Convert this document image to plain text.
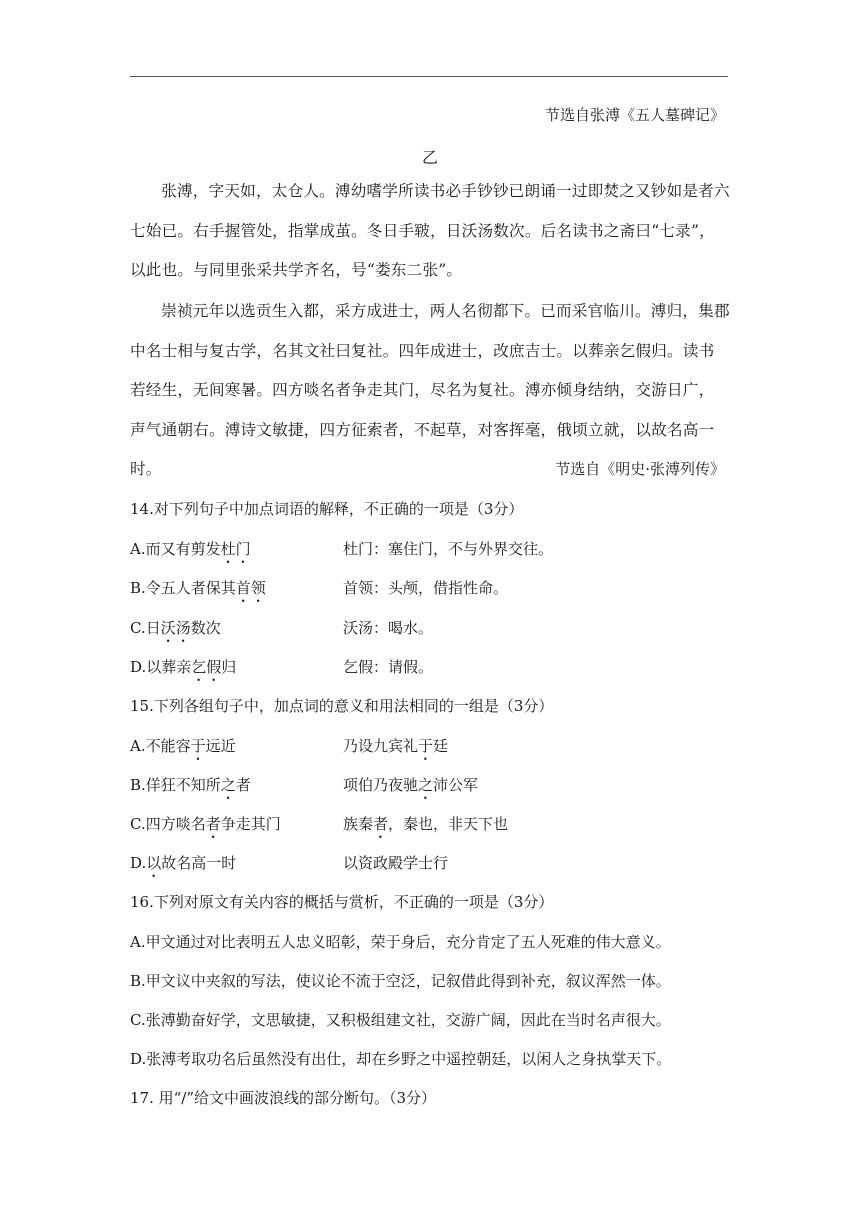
节选自张溥《五人墓碑记》
乙
张溥，字天如，太仓人。溥幼嗜学所读书必手钞钞已朗诵一过即焚之又钞如是者六七始已。右手握管处，指掌成茧。冬日手皲，日沃汤数次。后名读书之斋曰“七录”，以此也。与同里张采共学齐名，号“娄东二张”。
崇祯元年以选贡生入都，采方成进士，两人名彻都下。已而采官临川。溥归，集郡中名士相与复古学，名其文社曰复社。四年成进士，改庶吉士。以葬亲乞假归。读书若经生，无间寒暑。四方啖名者争走其门，尽名为复社。溥亦倾身结纳，交游日广，声气通朝右。溥诗文敏捷，四方征索者，不起草，对客挥毫，俄顷立就，以故名高一时。	节选自《明史·张溥列传》
14.对下列句子中加点词语的解释，不正确的一项是（3分）
A.而又有剪发杜门	杜门：塞住门，不与外界交往。
B.令五人者保其首领	首领：头颅，借指性命。
C.日沃汤数次	沃汤：喝水。
D.以葬亲乞假归	乞假：请假。
15.下列各组句子中，加点词的意义和用法相同的一组是（3分）
A.不能容于远近	乃设九宾礼于廷
B.佯狂不知所之者	项伯乃夜驰之沛公军
C.四方啖名者争走其门	族秦者，秦也，非天下也
D.以故名高一时	以资政殿学士行
16.下列对原文有关内容的概括与赏析，不正确的一项是（3分）
A.甲文通过对比表明五人忠义昭彰，荣于身后，充分肯定了五人死难的伟大意义。
B.甲文议中夹叙的写法，使议论不流于空泛，记叙借此得到补充，叙议浑然一体。
C.张溥勤奋好学，文思敏捷，又积极组建文社，交游广阔，因此在当时名声很大。
D.张溥考取功名后虽然没有出仕，却在乡野之中遥控朝廷，以闲人之身执掌天下。
17. 用“/”给文中画波浪线的部分断句。（3分）
